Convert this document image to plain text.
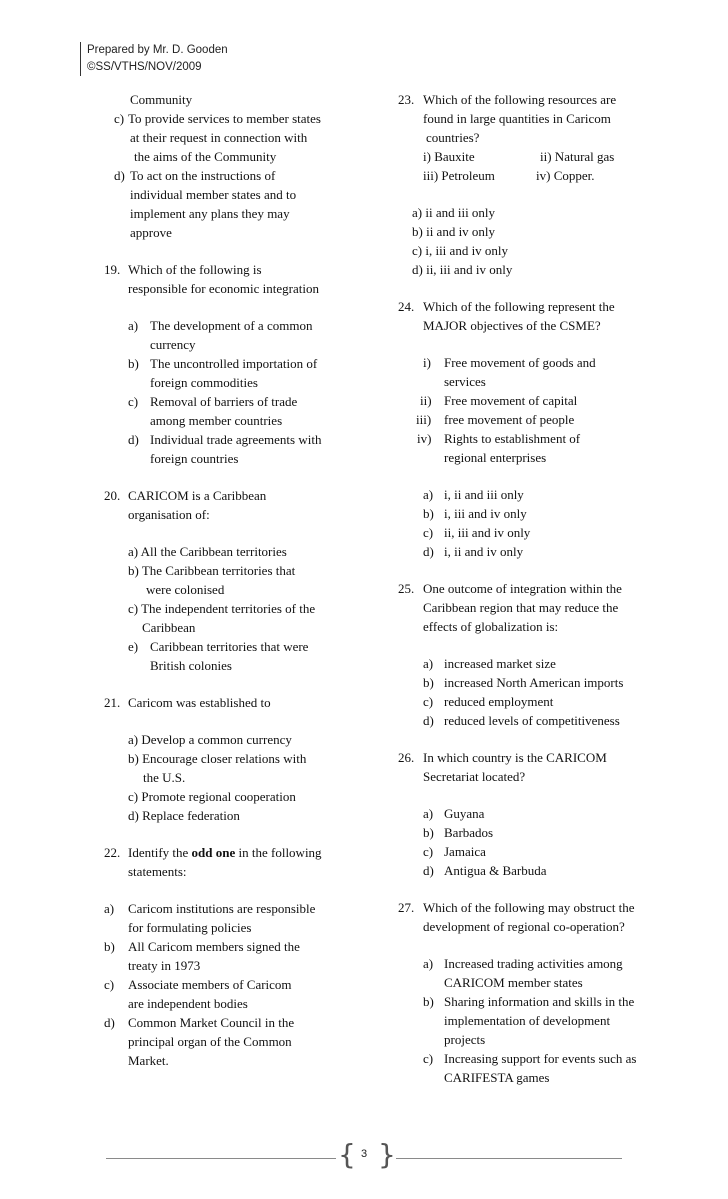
Prepared by Mr. D. Gooden
©SS/VTHS/NOV/2009
Community
c) To provide services to member states
at their request in connection with
the aims of the Community
d) To act on the instructions of
individual member states and to
implement any plans they may
approve
19. Which of the following is
responsible for economic integration
a) The development of a common
currency
b) The uncontrolled importation of
foreign commodities
c) Removal of barriers of trade
among member countries
d) Individual trade agreements with
foreign countries
20. CARICOM is a Caribbean
organisation of:
a) All the Caribbean territories
b) The Caribbean territories that
were colonised
c) The independent territories of the
Caribbean
e) Caribbean territories that were
British colonies
21. Caricom was established to
a) Develop a common currency
b) Encourage closer relations with
the U.S.
c) Promote regional cooperation
d) Replace federation
22. Identify the odd one in the following
statements:
a) Caricom institutions are responsible
for formulating policies
b) All Caricom members signed the
treaty in 1973
c) Associate members of Caricom
are independent bodies
d) Common Market Council in the
principal organ of the Common
Market.
23. Which of the following resources are
found in large quantities in Caricom
countries?
i) Bauxite	ii) Natural gas
iii) Petroleum	iv) Copper.
a) ii and iii only
b) ii and iv only
c) i, iii and iv only
d) ii, iii and iv only
24. Which of the following represent the
MAJOR objectives of the CSME?
i) Free movement of goods and
services
ii) Free movement of capital
iii) free movement of people
iv) Rights to establishment of
regional enterprises
a) i, ii and iii only
b) i, iii and iv only
c) ii, iii and iv only
d) i, ii and iv only
25. One outcome of integration within the
Caribbean region that may reduce the
effects of globalization is:
a) increased market size
b) increased North American imports
c) reduced employment
d) reduced levels of competitiveness
26. In which country is the CARICOM
Secretariat located?
a) Guyana
b) Barbados
c) Jamaica
d) Antigua & Barbuda
27. Which of the following may obstruct the
development of regional co-operation?
a) Increased trading activities among
CARICOM member states
b) Sharing information and skills in the
implementation of development
projects
c) Increasing support for events such as
CARIFESTA games
{ 3 }
